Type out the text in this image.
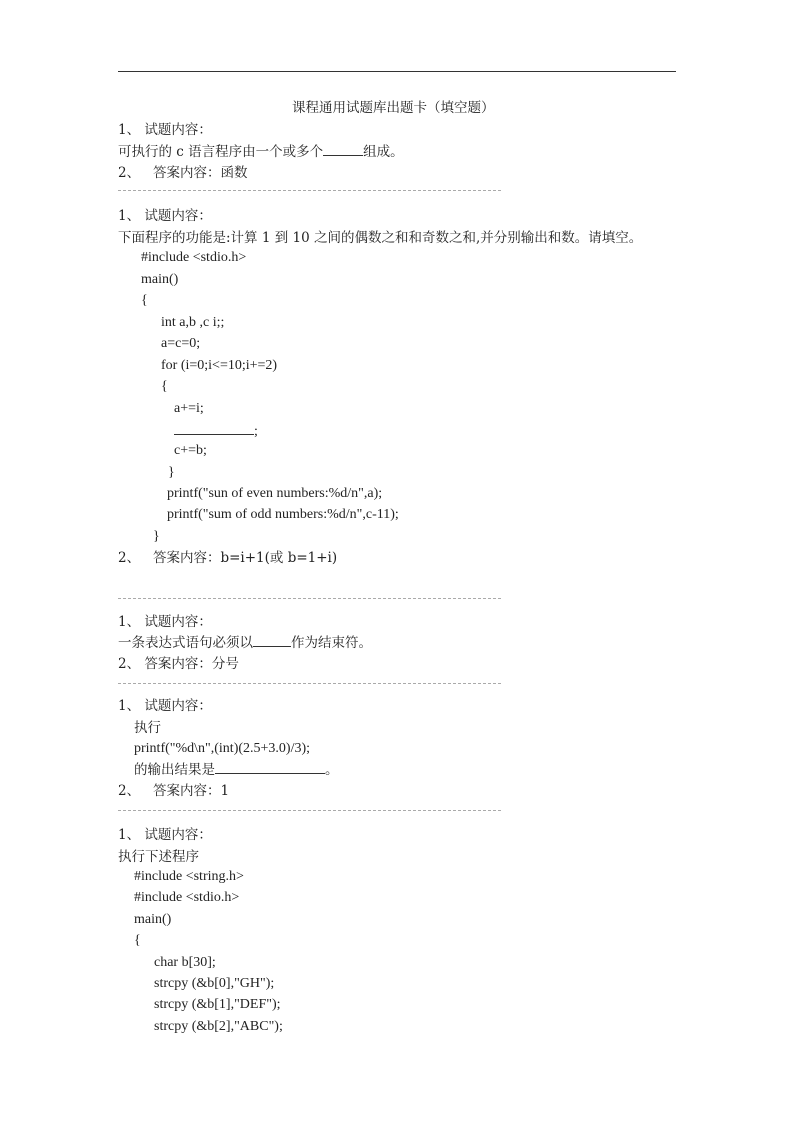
课程通用试题库出题卡（填空题）
1、 试题内容：
可执行的 c 语言程序由一个或多个	组成。
2、   答案内容：函数
1、 试题内容：
下面程序的功能是:计算 1 到 10 之间的偶数之和和奇数之和,并分别输出和数。请填空。
#include <stdio.h>
main()
{
int a,b ,c i;;
a=c=0;
for (i=0;i<=10;i+=2)
{
a+=i;
;
c+=b;
}
printf("sun of even numbers:%d/n",a);
printf("sum of odd numbers:%d/n",c-11);
}
2、   答案内容：b=i+1(或 b=1+i)
1、 试题内容：
一条表达式语句必须以	作为结束符。
2、 答案内容：分号
1、 试题内容：
执行
printf("%d\n",(int)(2.5+3.0)/3);
的输出结果是	。
2、   答案内容：1
1、 试题内容：
执行下述程序
#include <string.h>
#include <stdio.h>
main()
{
char b[30];
strcpy (&b[0],"GH");
strcpy (&b[1],"DEF");
strcpy (&b[2],"ABC");
